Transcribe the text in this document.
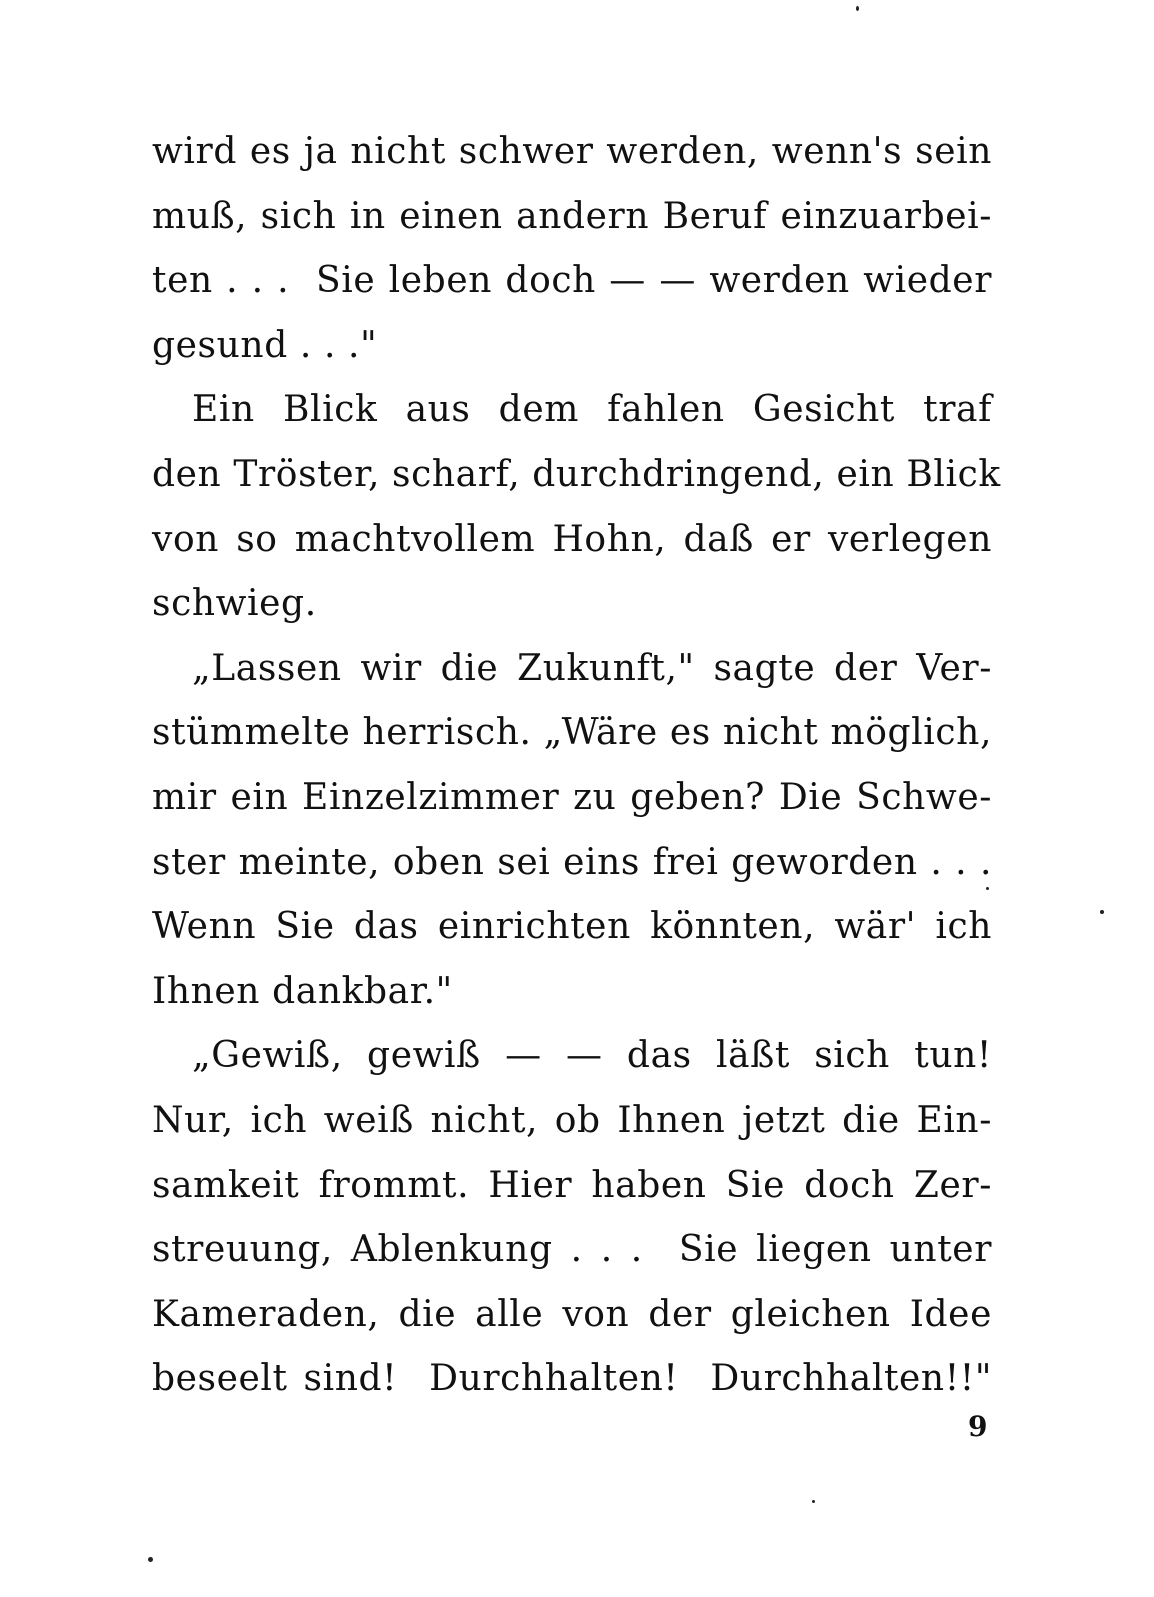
wird es ja nicht schwer werden, wenn's sein
muß, sich in einen andern Beruf einzuarbei-
ten . . .  Sie leben doch — — werden wieder
gesund . . ."
Ein Blick aus dem fahlen Gesicht traf
den Tröster, scharf, durchdringend, ein Blick
von so machtvollem Hohn, daß er verlegen
schwieg.
„Lassen wir die Zukunft," sagte der Ver-
stümmelte herrisch. „Wäre es nicht möglich,
mir ein Einzelzimmer zu geben? Die Schwe-
ster meinte, oben sei eins frei geworden . . .
Wenn Sie das einrichten könnten, wär' ich
Ihnen dankbar."
„Gewiß, gewiß — — das läßt sich tun!
Nur, ich weiß nicht, ob Ihnen jetzt die Ein-
samkeit frommt. Hier haben Sie doch Zer-
streuung, Ablenkung . . .  Sie liegen unter
Kameraden, die alle von der gleichen Idee
beseelt sind!  Durchhalten!  Durchhalten!!"
9
